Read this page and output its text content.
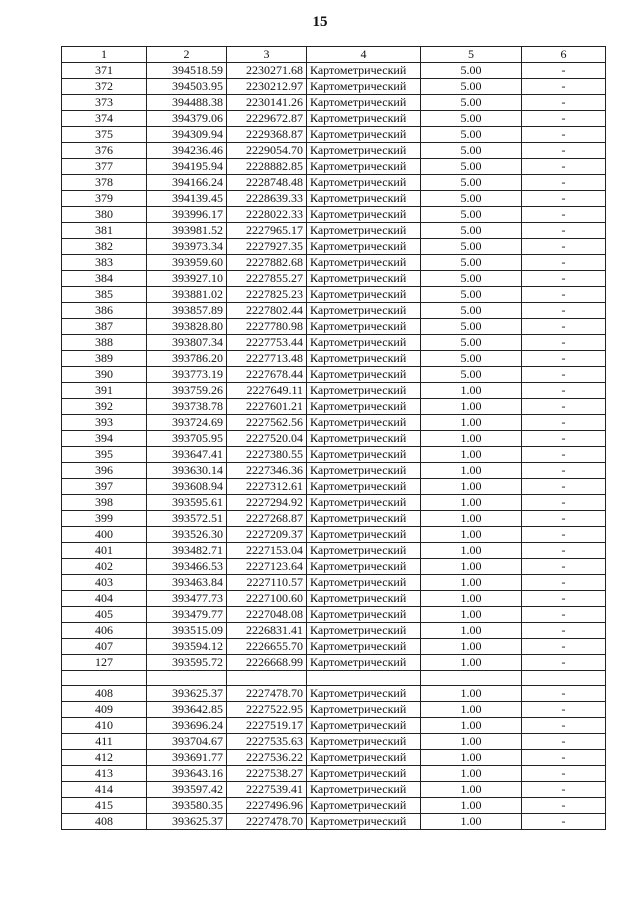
15
1	2	3	4	5	6
371	394518.59	2230271.68	Картометрический	5.00	-
372	394503.95	2230212.97	Картометрический	5.00	-
373	394488.38	2230141.26	Картометрический	5.00	-
374	394379.06	2229672.87	Картометрический	5.00	-
375	394309.94	2229368.87	Картометрический	5.00	-
376	394236.46	2229054.70	Картометрический	5.00	-
377	394195.94	2228882.85	Картометрический	5.00	-
378	394166.24	2228748.48	Картометрический	5.00	-
379	394139.45	2228639.33	Картометрический	5.00	-
380	393996.17	2228022.33	Картометрический	5.00	-
381	393981.52	2227965.17	Картометрический	5.00	-
382	393973.34	2227927.35	Картометрический	5.00	-
383	393959.60	2227882.68	Картометрический	5.00	-
384	393927.10	2227855.27	Картометрический	5.00	-
385	393881.02	2227825.23	Картометрический	5.00	-
386	393857.89	2227802.44	Картометрический	5.00	-
387	393828.80	2227780.98	Картометрический	5.00	-
388	393807.34	2227753.44	Картометрический	5.00	-
389	393786.20	2227713.48	Картометрический	5.00	-
390	393773.19	2227678.44	Картометрический	5.00	-
391	393759.26	2227649.11	Картометрический	1.00	-
392	393738.78	2227601.21	Картометрический	1.00	-
393	393724.69	2227562.56	Картометрический	1.00	-
394	393705.95	2227520.04	Картометрический	1.00	-
395	393647.41	2227380.55	Картометрический	1.00	-
396	393630.14	2227346.36	Картометрический	1.00	-
397	393608.94	2227312.61	Картометрический	1.00	-
398	393595.61	2227294.92	Картометрический	1.00	-
399	393572.51	2227268.87	Картометрический	1.00	-
400	393526.30	2227209.37	Картометрический	1.00	-
401	393482.71	2227153.04	Картометрический	1.00	-
402	393466.53	2227123.64	Картометрический	1.00	-
403	393463.84	2227110.57	Картометрический	1.00	-
404	393477.73	2227100.60	Картометрический	1.00	-
405	393479.77	2227048.08	Картометрический	1.00	-
406	393515.09	2226831.41	Картометрический	1.00	-
407	393594.12	2226655.70	Картометрический	1.00	-
127	393595.72	2226668.99	Картометрический	1.00	-

408	393625.37	2227478.70	Картометрический	1.00	-
409	393642.85	2227522.95	Картометрический	1.00	-
410	393696.24	2227519.17	Картометрический	1.00	-
411	393704.67	2227535.63	Картометрический	1.00	-
412	393691.77	2227536.22	Картометрический	1.00	-
413	393643.16	2227538.27	Картометрический	1.00	-
414	393597.42	2227539.41	Картометрический	1.00	-
415	393580.35	2227496.96	Картометрический	1.00	-
408	393625.37	2227478.70	Картометрический	1.00	-
